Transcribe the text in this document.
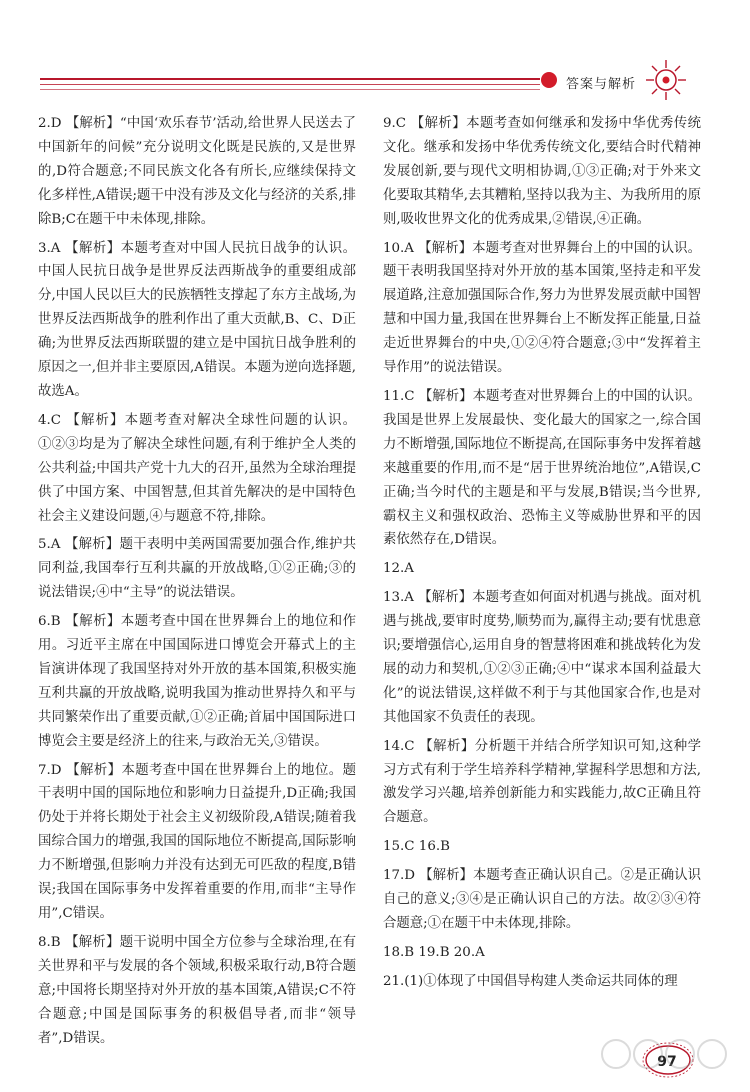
答案与解析

2.D 【解析】“中国‘欢乐春节’活动,给世界人民送去了中国新年的问候”充分说明文化既是民族的,又是世界的,D符合题意;不同民族文化各有所长,应继续保持文化多样性,A错误;题干中没有涉及文化与经济的关系,排除B;C在题干中未体现,排除。

3.A 【解析】本题考查对中国人民抗日战争的认识。中国人民抗日战争是世界反法西斯战争的重要组成部分,中国人民以巨大的民族牺牲支撑起了东方主战场,为世界反法西斯战争的胜利作出了重大贡献,B、C、D正确;为世界反法西斯联盟的建立是中国抗日战争胜利的原因之一,但并非主要原因,A错误。本题为逆向选择题,故选A。

4.C 【解析】本题考查对解决全球性问题的认识。①②③均是为了解决全球性问题,有利于维护全人类的公共利益;中国共产党十九大的召开,虽然为全球治理提供了中国方案、中国智慧,但其首先解决的是中国特色社会主义建设问题,④与题意不符,排除。

5.A 【解析】题干表明中美两国需要加强合作,维护共同利益,我国奉行互利共赢的开放战略,①②正确;③的说法错误;④中“主导”的说法错误。

6.B 【解析】本题考查中国在世界舞台上的地位和作用。习近平主席在中国国际进口博览会开幕式上的主旨演讲体现了我国坚持对外开放的基本国策,积极实施互利共赢的开放战略,说明我国为推动世界持久和平与共同繁荣作出了重要贡献,①②正确;首届中国国际进口博览会主要是经济上的往来,与政治无关,③错误。

7.D 【解析】本题考查中国在世界舞台上的地位。题干表明中国的国际地位和影响力日益提升,D正确;我国仍处于并将长期处于社会主义初级阶段,A错误;随着我国综合国力的增强,我国的国际地位不断提高,国际影响力不断增强,但影响力并没有达到无可匹敌的程度,B错误;我国在国际事务中发挥着重要的作用,而非“主导作用”,C错误。

8.B 【解析】题干说明中国全方位参与全球治理,在有关世界和平与发展的各个领域,积极采取行动,B符合题意;中国将长期坚持对外开放的基本国策,A错误;C不符合题意;中国是国际事务的积极倡导者,而非“领导者”,D错误。

9.C 【解析】本题考查如何继承和发扬中华优秀传统文化。继承和发扬中华优秀传统文化,要结合时代精神发展创新,要与现代文明相协调,①③正确;对于外来文化要取其精华,去其糟粕,坚持以我为主、为我所用的原则,吸收世界文化的优秀成果,②错误,④正确。

10.A 【解析】本题考查对世界舞台上的中国的认识。题干表明我国坚持对外开放的基本国策,坚持走和平发展道路,注意加强国际合作,努力为世界发展贡献中国智慧和中国力量,我国在世界舞台上不断发挥正能量,日益走近世界舞台的中央,①②④符合题意;③中“发挥着主导作用”的说法错误。

11.C 【解析】本题考查对世界舞台上的中国的认识。我国是世界上发展最快、变化最大的国家之一,综合国力不断增强,国际地位不断提高,在国际事务中发挥着越来越重要的作用,而不是“居于世界统治地位”,A错误,C正确;当今时代的主题是和平与发展,B错误;当今世界,霸权主义和强权政治、恐怖主义等威胁世界和平的因素依然存在,D错误。

12.A

13.A 【解析】本题考查如何面对机遇与挑战。面对机遇与挑战,要审时度势,顺势而为,赢得主动;要有忧患意识;要增强信心,运用自身的智慧将困难和挑战转化为发展的动力和契机,①②③正确;④中“谋求本国利益最大化”的说法错误,这样做不利于与其他国家合作,也是对其他国家不负责任的表现。

14.C 【解析】分析题干并结合所学知识可知,这种学习方式有利于学生培养科学精神,掌握科学思想和方法,激发学习兴趣,培养创新能力和实践能力,故C正确且符合题意。

15.C 16.B

17.D 【解析】本题考查正确认识自己。②是正确认识自己的意义;③④是正确认识自己的方法。故②③④符合题意;①在题干中未体现,排除。

18.B 19.B 20.A

21.(1)①体现了中国倡导构建人类命运共同体的理

97
